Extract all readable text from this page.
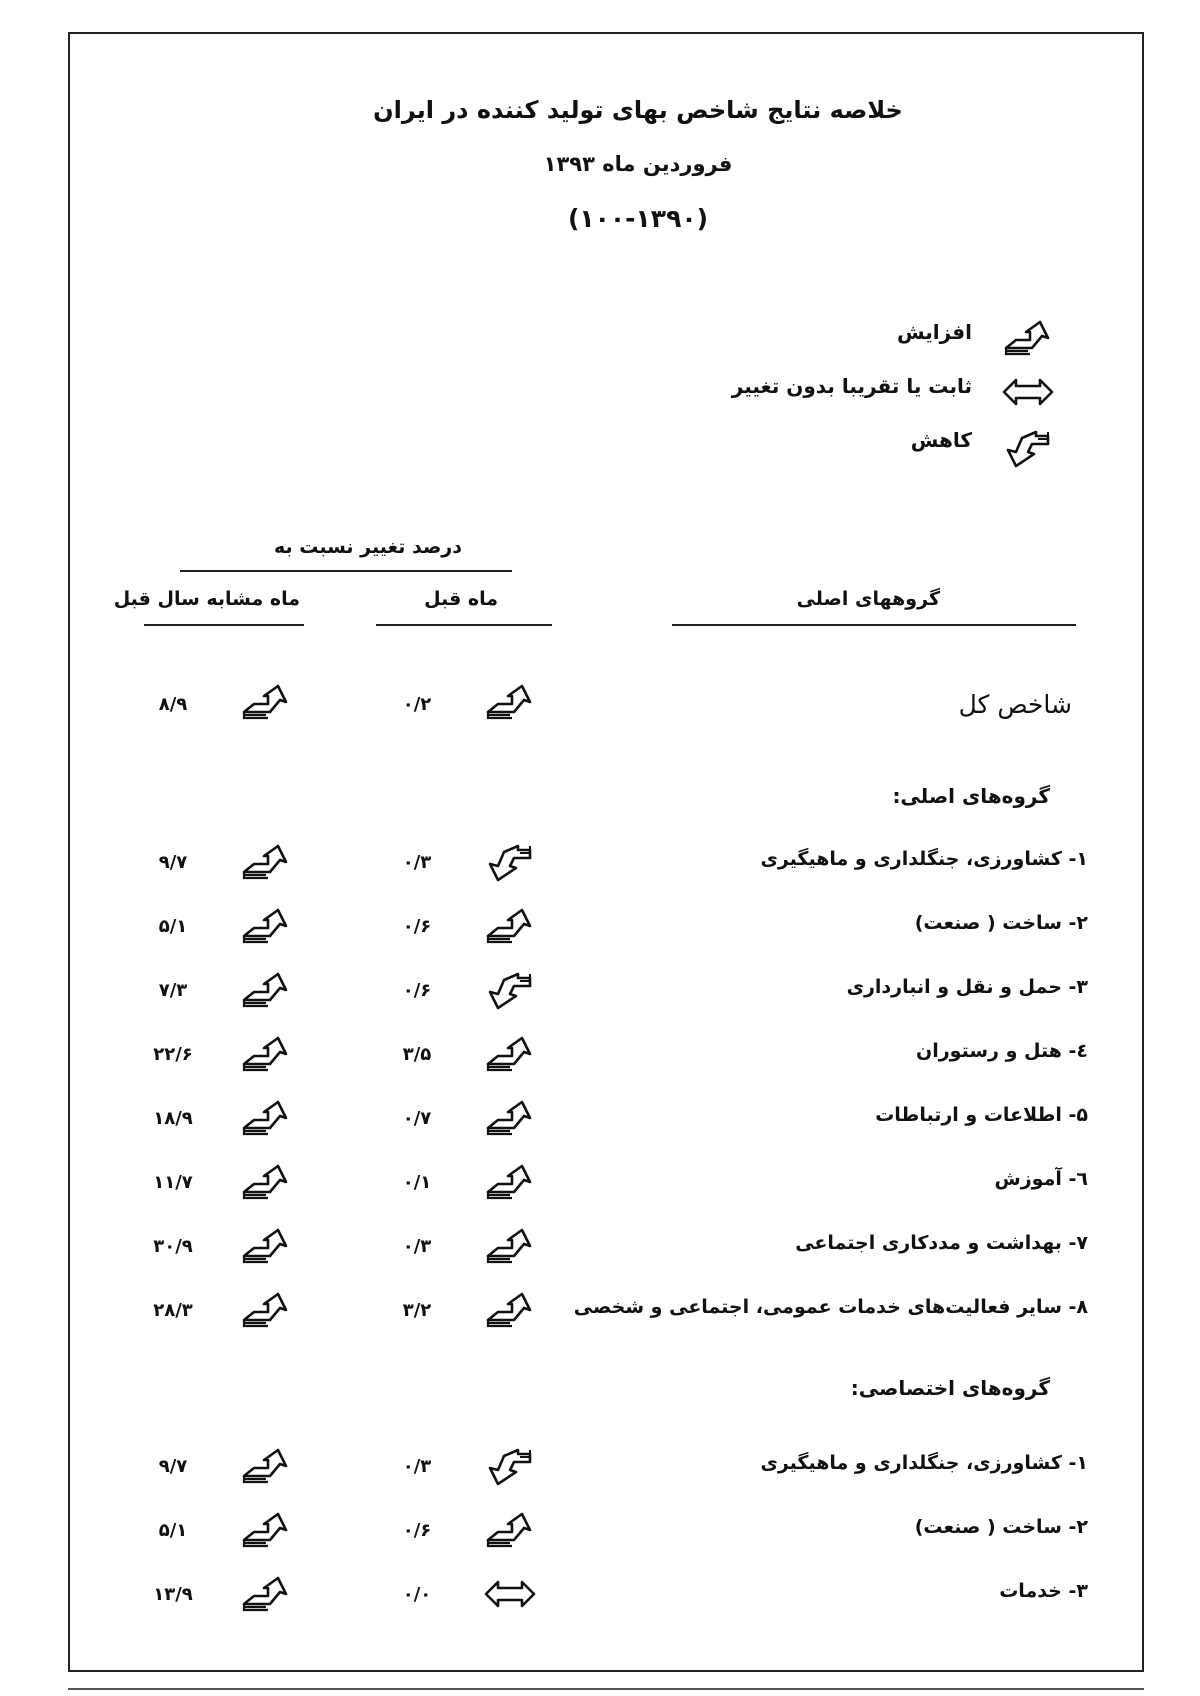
خلاصه نتایج شاخص بهای تولید کننده در ایران
فروردین ماه ۱۳۹۳
(۱۰۰-۱۳۹۰)
افزایش
ثابت یا تقریبا بدون تغییر
کاهش
درصد تغییر نسبت به
گروههای اصلی
ماه قبل
ماه مشابه سال قبل
شاخص کل
۰/۲
۸/۹
گروه‌های اصلی:
۱- کشاورزی، جنگلداری و ماهیگیری
۰/۳
۹/۷
۲- ساخت ( صنعت)
۰/۶
۵/۱
۳- حمل و نقل و انبارداری
۰/۶
۷/۳
٤- هتل و رستوران
۳/۵
۲۲/۶
۵- اطلاعات و ارتباطات
۰/۷
۱۸/۹
٦- آموزش
۰/۱
۱۱/۷
۷- بهداشت و مددکاری اجتماعی
۰/۳
۳۰/۹
۸- سایر فعالیت‌های خدمات عمومی، اجتماعی و شخصی
۳/۲
۲۸/۳
گروه‌های اختصاصی:
۱- کشاورزی، جنگلداری و ماهیگیری
۰/۳
۹/۷
۲- ساخت ( صنعت)
۰/۶
۵/۱
۳- خدمات
۰/۰
۱۳/۹
